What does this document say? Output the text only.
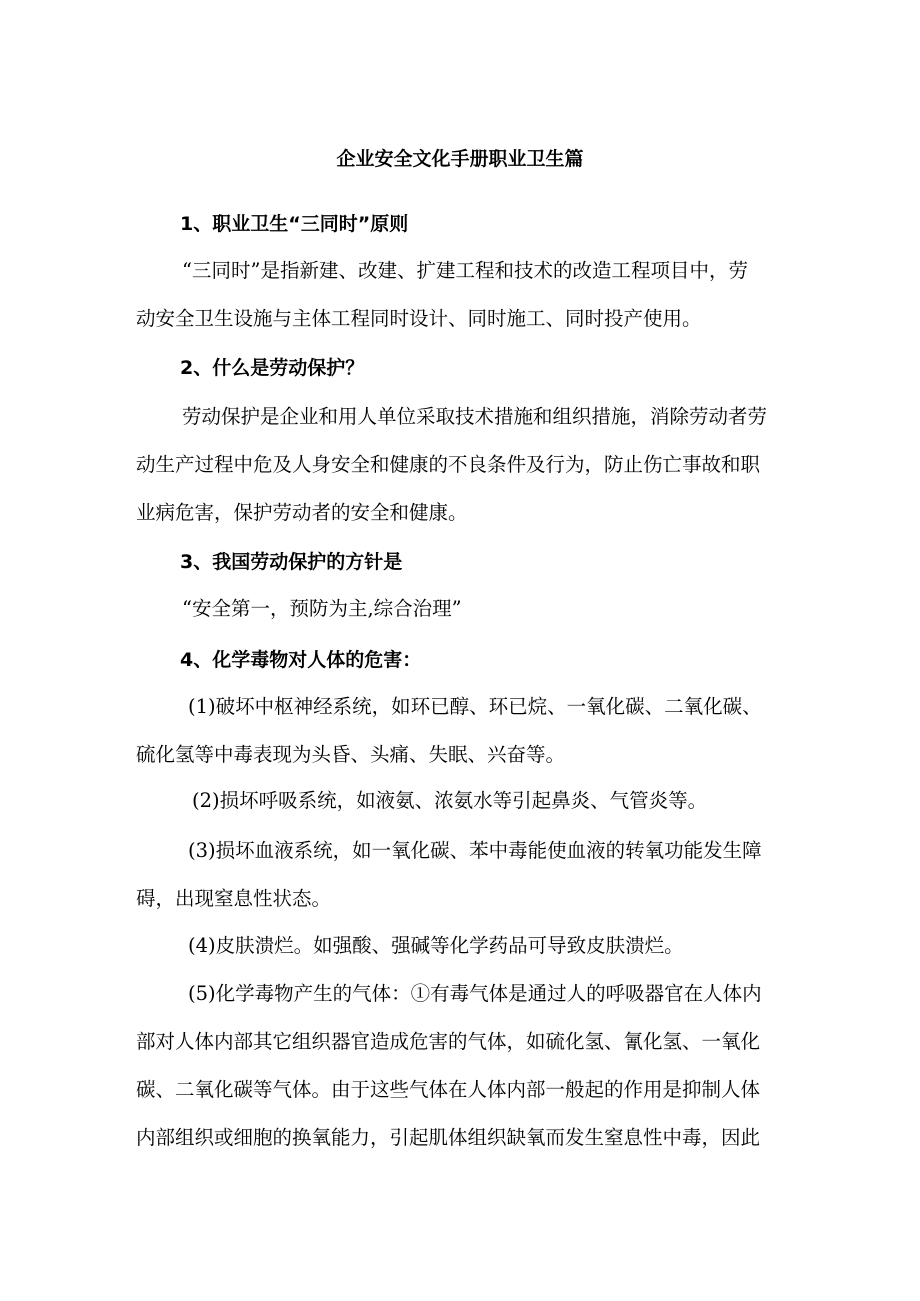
企业安全文化手册职业卫生篇
1、职业卫生“三同时”原则
“三同时”是指新建、改建、扩建工程和技术的改造工程项目中，劳
动安全卫生设施与主体工程同时设计、同时施工、同时投产使用。
2、什么是劳动保护？
劳动保护是企业和用人单位采取技术措施和组织措施，消除劳动者劳
动生产过程中危及人身安全和健康的不良条件及行为，防止伤亡事故和职
业病危害，保护劳动者的安全和健康。
3、我国劳动保护的方针是
“安全第一，预防为主,综合治理”
4、化学毒物对人体的危害：
(1)破坏中枢神经系统，如环已醇、环已烷、一氧化碳、二氧化碳、
硫化氢等中毒表现为头昏、头痛、失眠、兴奋等。
(2)损坏呼吸系统，如液氨、浓氨水等引起鼻炎、气管炎等。
(3)损坏血液系统，如一氧化碳、苯中毒能使血液的转氧功能发生障
碍，出现窒息性状态。
(4)皮肤溃烂。如强酸、强碱等化学药品可导致皮肤溃烂。
(5)化学毒物产生的气体：①有毒气体是通过人的呼吸器官在人体内
部对人体内部其它组织器官造成危害的气体，如硫化氢、氰化氢、一氧化
碳、二氧化碳等气体。由于这些气体在人体内部一般起的作用是抑制人体
内部组织或细胞的换氧能力，引起肌体组织缺氧而发生窒息性中毒，因此
